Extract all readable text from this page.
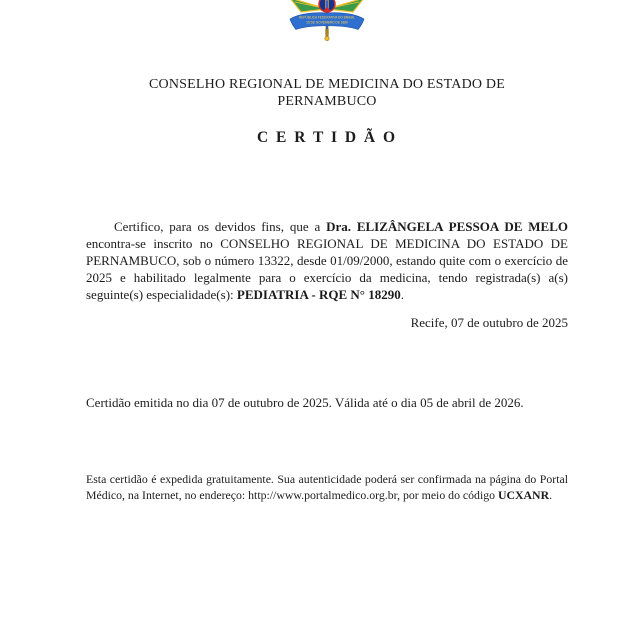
REPÚBLICA FEDERATIVA DO BRASIL
15 DE NOVEMBRO DE 1889
CONSELHO REGIONAL DE MEDICINA DO ESTADO DE
PERNAMBUCO
C E R T I D Ã O

Certifico, para os devidos fins, que a Dra. ELIZÂNGELA PESSOA DE MELO encontra-se inscrito no CONSELHO REGIONAL DE MEDICINA DO ESTADO DE PERNAMBUCO, sob o número 13322, desde 01/09/2000, estando quite com o exercício de 2025 e habilitado legalmente para o exercício da medicina, tendo registrada(s) a(s) seguinte(s) especialidade(s): PEDIATRIA - RQE N° 18290.

Recife, 07 de outubro de 2025
Certidão emitida no dia 07 de outubro de 2025. Válida até o dia 05 de abril de 2026.

Esta certidão é expedida gratuitamente. Sua autenticidade poderá ser confirmada na página do Portal Médico, na Internet, no endereço: http://www.portalmedico.org.br, por meio do código UCXANR.
